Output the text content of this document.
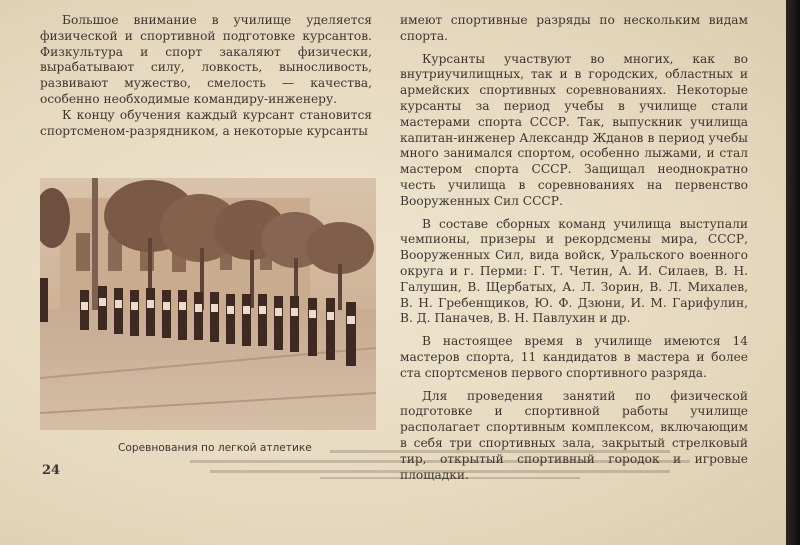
Большое внимание в училище уделяется физической и спортивной подготовке курсантов. Физкультура и спорт закаляют физически, вырабатывают силу, ловкость, выносливость, развивают мужество, смелость — качества, особенно необходимые командиру-инженеру.

К концу обучения каждый курсант становится спортсменом-разрядником, а некоторые курсанты

Соревнования по легкой атлетике
24

имеют спортивные разряды по нескольким видам спорта.

Курсанты участвуют во многих, как во внутриучилищных, так и в городских, областных и армейских спортивных соревнованиях. Некоторые курсанты за период учебы в училище стали мастерами спорта СССР. Так, выпускник училища капитан-инженер Александр Жданов в период учебы много занимался спортом, особенно лыжами, и стал мастером спорта СССР. Защищал неоднократно честь училища в соревнованиях на первенство Вооруженных Сил СССР.

В составе сборных команд училища выступали чемпионы, призеры и рекордсмены мира, СССР, Вооруженных Сил, вида войск, Уральского военного округа и г. Перми: Г. Т. Четин, А. И. Силаев, В. Н. Галушин, В. Щербатых, А. Л. Зорин, В. Л. Михалев, В. Н. Гребенщиков, Ю. Ф. Дзюни, И. М. Гарифулин, В. Д. Паначев, В. Н. Павлухин и др.

В настоящее время в училище имеются 14 мастеров спорта, 11 кандидатов в мастера и более ста спортсменов первого спортивного разряда.

Для проведения занятий по физической подготовке и спортивной работы училище располагает спортивным комплексом, включающим в себя три спортивных зала, закрытый стрелковый тир, открытый спортивный городок и игровые площадки.
